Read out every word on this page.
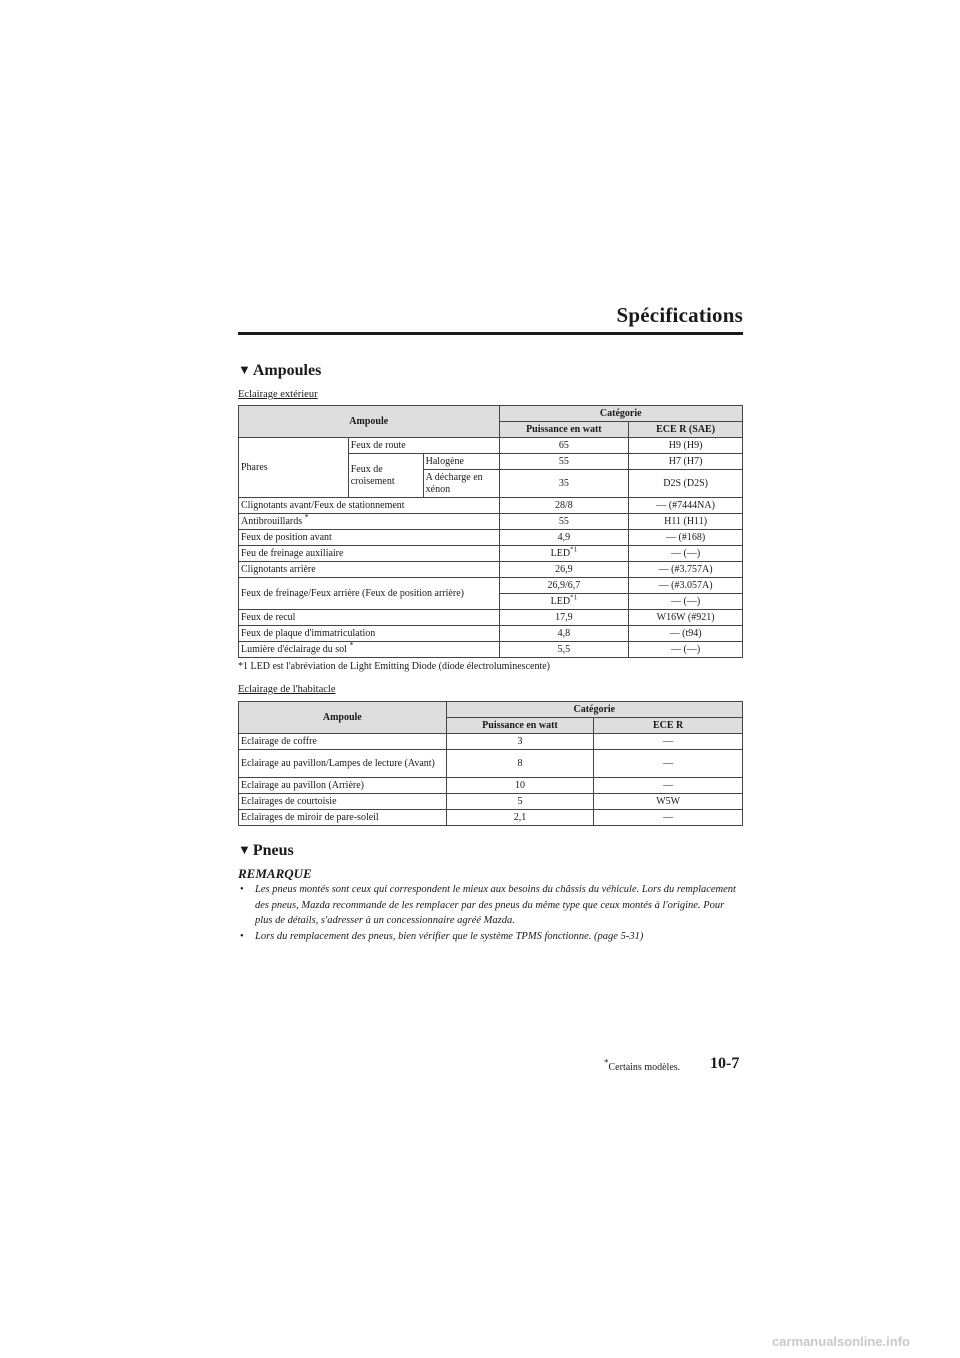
Spécifications
▼ Ampoules
Eclairage extérieur
Ampoule			Catégorie	
			Puissance en watt	ECE R (SAE)
Phares	Feux de route		65	H9 (H9)
	Feux de croisement	Halogène	55	H7 (H7)
		A décharge en xénon	35	D2S (D2S)
Clignotants avant/Feux de stationnement			28/8	— (#7444NA)
Antibrouillards *			55	H11 (H11)
Feux de position avant			4,9	— (#168)
Feu de freinage auxiliaire			LED$^{*1}$	— (—)
Clignotants arrière			26,9	— (#3.757A)
Feux de freinage/Feux arrière (Feux de position arrière)			26,9/6,7	— (#3.057A)
			LED$^{*1}$	— (—)
Feux de recul			17,9	W16W (#921)
Feux de plaque d'immatriculation			4,8	— (t94)
Lumière d'éclairage du sol *			5,5	— (—)
*1 LED est l'abréviation de Light Emitting Diode (diode électroluminescente)
Eclairage de l'habitacle
Ampoule	Catégorie	
	Puissance en watt	ECE R
Eclairage de coffre	3	—
Eclairage au pavillon/Lampes de lecture (Avant)	8	—
Eclairage au pavillon (Arrière)	10	—
Eclairages de courtoisie	5	W5W
Eclairages de miroir de pare-soleil	2,1	—
▼ Pneus
REMARQUE
• Les pneus montés sont ceux qui correspondent le mieux aux besoins du châssis du véhicule. Lors du remplacement des pneus, Mazda recommande de les remplacer par des pneus du même type que ceux montés à l'origine. Pour plus de détails, s'adresser à un concessionnaire agréé Mazda.
• Lors du remplacement des pneus, bien vérifier que le système TPMS fonctionne. (page 5-31)
*Certains modèles. 10-7
carmanualsonline.info
